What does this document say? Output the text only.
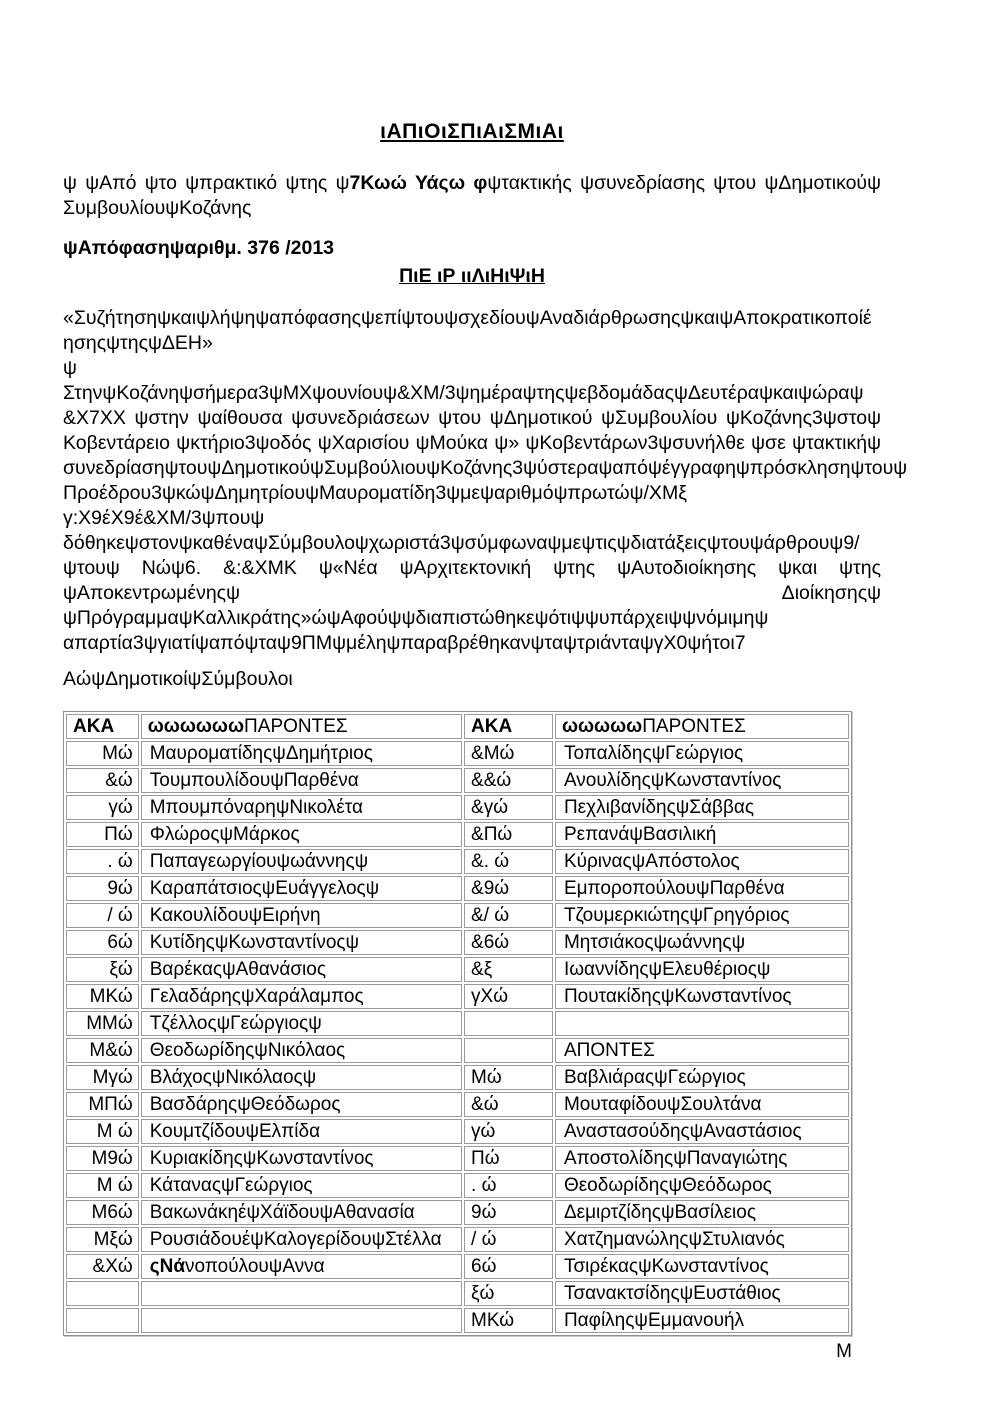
ιΑΠιΟιΣΠιΑιΣΜιΑι

ψ ψΑπό ψτο ψπρακτικό ψτης ψ7Κωώ Υάςω φψτακτικής ψσυνεδρίασης ψτου ψΔημοτικούψ ΣυμβουλίουψΚοζάνης

ψΑπόφασηψαριθμ. 376 /2013

ΠιΕ ιΡ ιιΛιΗιΨιΗ

«ΣυζήτησηψκαιψλήψηψαπόφασηςψεπίψτουψσχεδίουψΑναδιάρθρωσηςψκαιψΑποκρατικοποίέ ησηςψτηςψΔΕΗ»

ψ

ΣτηνψΚοζάνηψσήμερα3ψΜΧψουνίουψ&ΧΜ/3ψημέραψτηςψεβδομάδαςψΔευτέραψκαιψώραψ &Χ7ΧΧ ψστην ψαίθουσα ψσυνεδριάσεων ψτου ψΔημοτικού ψΣυμβουλίου ψΚοζάνης3ψστοψ Κοβεντάρειο ψκτήριο3ψοδός ψΧαρισίου ψΜούκα ψ» ψΚοβεντάρων3ψσυνήλθε ψσε ψτακτικήψ συνεδρίασηψτουψΔημοτικούψΣυμβούλιουψΚοζάνης3ψύστεραψαπόψέγγραφηψπρόσκλησηψτουψ Προέδρου3ψκώψΔημητρίουψΜαυροματίδη3ψμεψαριθμόψπρωτώψ/ΧΜξ γ:Χ9έΧ9έ&ΧΜ/3ψπουψ δόθηκεψστονψκαθέναψΣύμβουλοψχωριστά3ψσύμφωναψμεψτιςψδιατάξειςψτουψάρθρουψ9/ ψτουψ Νώψ6. &:&ΧΜΚ ψ«Νέα ψΑρχιτεκτονική ψτης ψΑυτοδιοίκησης ψκαι ψτης ψΑποκεντρωμένηςψ Διοίκησηςψ ψΠρόγραμμαψΚαλλικράτης»ώψΑφούψψδιαπιστώθηκεψότιψψυπάρχειψψνόμιμηψ απαρτία3ψγιατίψαπόψταψ9ΠΜψμέληψπαραβρέθηκανψταψτριάνταψγΧ0ψήτοι7

ΑώψΔημοτικοίψΣύμβουλοι

ΑΚΑ	ωωωωωωΠΑΡΟΝΤΕΣ	ΑΚΑ	ωωωωωΠΑΡΟΝΤΕΣ
Μώ	ΜαυροματίδηςψΔημήτριος	&Μώ	ΤοπαλίδηςψΓεώργιος
&ώ	ΤουμπουλίδουψΠαρθένα	&&ώ	ΑνουλίδηςψΚωνσταντίνος
γώ	ΜπουμπόναρηψΝικολέτα	&γώ	ΠεχλιβανίδηςψΣάββας
Πώ	ΦλώροςψΜάρκος	&Πώ	ΡεπανάψΒασιλική
. ώ	Παπαγεωργίουψωάννηςψ	&. ώ	ΚύριναςψΑπόστολος
9ώ	ΚαραπάτσιοςψΕυάγγελοςψ	&9ώ	ΕμποροπούλουψΠαρθένα
/ ώ	ΚακουλίδουψΕιρήνη	&/ ώ	ΤζουμερκιώτηςψΓρηγόριος
6ώ	ΚυτίδηςψΚωνσταντίνοςψ	&6ώ	Μητσιάκοςψωάννηςψ
ξώ	ΒαρέκαςψΑθανάσιος	&ξ	ΙωαννίδηςψΕλευθέριοςψ
ΜΚώ	ΓελαδάρηςψΧαράλαμπος	γΧώ	ΠουτακίδηςψΚωνσταντίνος
ΜΜώ	ΤζέλλοςψΓεώργιοςψ		
Μ&ώ	ΘεοδωρίδηςψΝικόλαος		ΑΠΟΝΤΕΣ
Μγώ	ΒλάχοςψΝικόλαοςψ	Μώ	ΒαβλιάραςψΓεώργιος
ΜΠώ	ΒασδάρηςψΘεόδωρος	&ώ	ΜουταφίδουψΣουλτάνα
Μ ώ	ΚουμτζίδουψΕλπίδα	γώ	ΑναστασούδηςψΑναστάσιος
Μ9ώ	ΚυριακίδηςψΚωνσταντίνος	Πώ	ΑποστολίδηςψΠαναγιώτης
Μ ώ	ΚάταναςψΓεώργιος	. ώ	ΘεοδωρίδηςψΘεόδωρος
Μ6ώ	ΒακωνάκηέψΧάϊδουψΑθανασία	9ώ	ΔεμιρτζίδηςψΒασίλειος
Μξώ	ΡουσιάδουέψΚαλογερίδουψΣτέλλα	/ ώ	ΧατζημανώληςψΣτυλιανός
&Χώ	ςΝάνοπούλουψΑννα	6ώ	ΤσιρέκαςψΚωνσταντίνος
		ξώ	ΤσανακτσίδηςψΕυστάθιος
		ΜΚώ	ΠαφίληςψΕμμανουήλ
Μ
